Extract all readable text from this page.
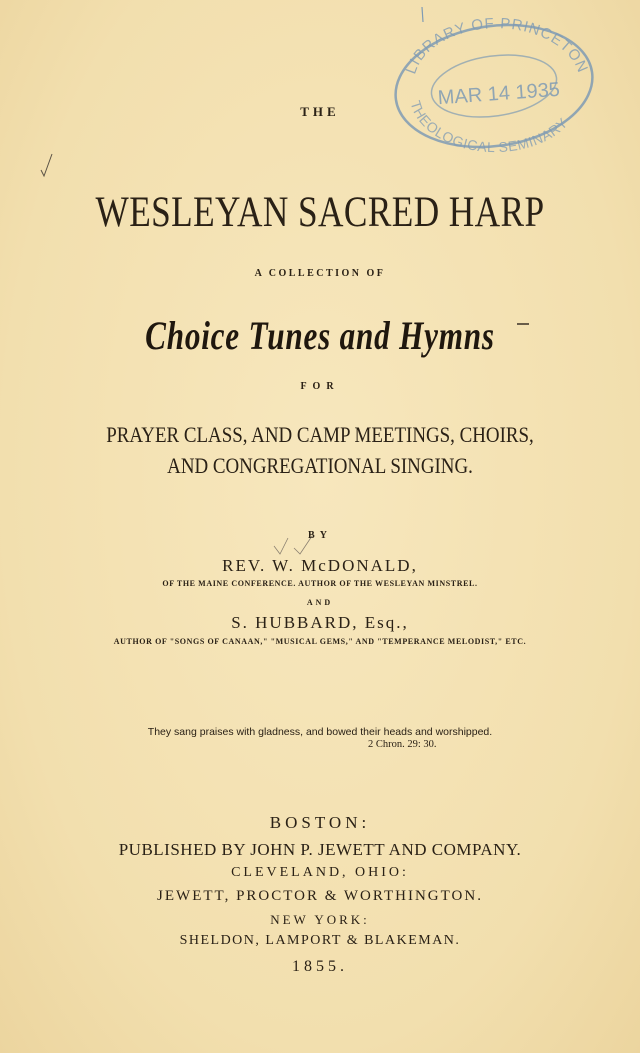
LIBRARY OF PRINCETON
MAR 14 1935
THEOLOGICAL SEMINARY
THE
WESLEYAN SACRED HARP
A COLLECTION OF
Choice Tunes and Hymns
FOR
PRAYER CLASS, AND CAMP MEETINGS, CHOIRS,
AND CONGREGATIONAL SINGING.
BY
REV. W. McDONALD,
OF THE MAINE CONFERENCE. AUTHOR OF THE WESLEYAN MINSTREL.
AND
S. HUBBARD, Esq.,
AUTHOR OF "SONGS OF CANAAN," "MUSICAL GEMS," AND "TEMPERANCE MELODIST," ETC.
They sang praises with gladness, and bowed their heads and worshipped.
2 Chron. 29: 30.
BOSTON:
PUBLISHED BY JOHN P. JEWETT AND COMPANY.
CLEVELAND, OHIO:
JEWETT, PROCTOR & WORTHINGTON.
NEW YORK:
SHELDON, LAMPORT & BLAKEMAN.
1855.
